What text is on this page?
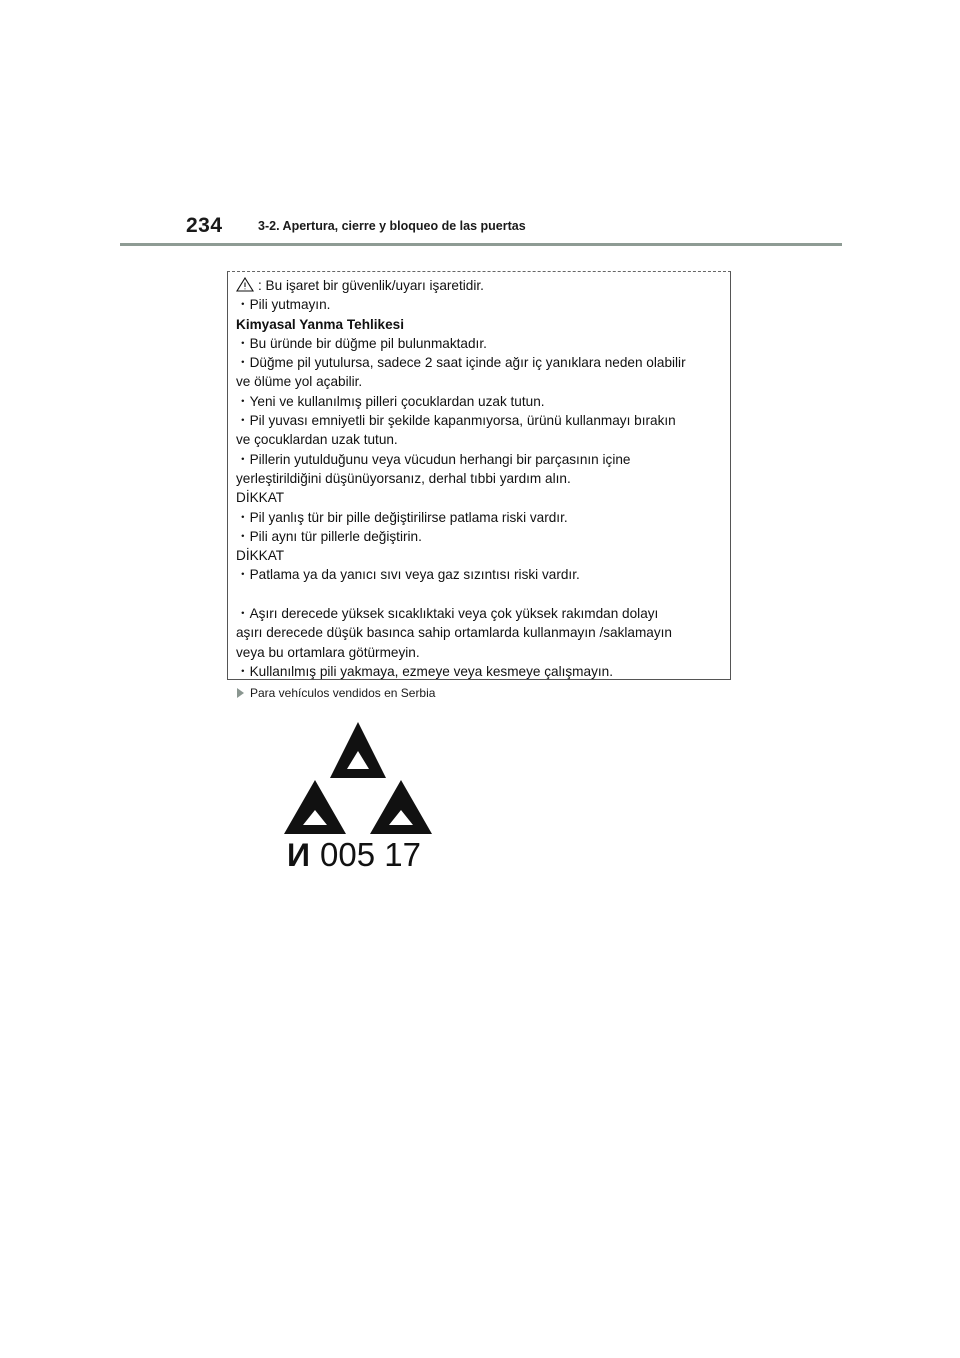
234	3-2. Apertura, cierre y bloqueo de las puertas
: Bu işaret bir güvenlik/uyarı işaretidir.
・Pili yutmayın.
Kimyasal Yanma Tehlikesi
・Bu üründe bir düğme pil bulunmaktadır.
・Düğme pil yutulursa, sadece 2 saat içinde ağır iç yanıklara neden olabilir
ve ölüme yol açabilir.
・Yeni ve kullanılmış pilleri çocuklardan uzak tutun.
・Pil yuvası emniyetli bir şekilde kapanmıyorsa, ürünü kullanmayı bırakın
ve çocuklardan uzak tutun.
・Pillerin yutulduğunu veya vücudun herhangi bir parçasının içine
yerleştirildiğini düşünüyorsanız, derhal tıbbi yardım alın.
DİKKAT
・Pil yanlış tür bir pille değiştirilirse patlama riski vardır.
・Pili aynı tür pillerle değiştirin.
DİKKAT
・Patlama ya da yanıcı sıvı veya gaz sızıntısı riski vardır.
・Aşırı derecede yüksek sıcaklıktaki veya çok yüksek rakımdan dolayı
aşırı derecede düşük basınca sahip ortamlarda kullanmayın /saklamayın
veya bu ortamlara götürmeyin.
・Kullanılmış pili yakmaya, ezmeye veya kesmeye çalışmayın.
Para vehículos vendidos en Serbia
И 005 17
